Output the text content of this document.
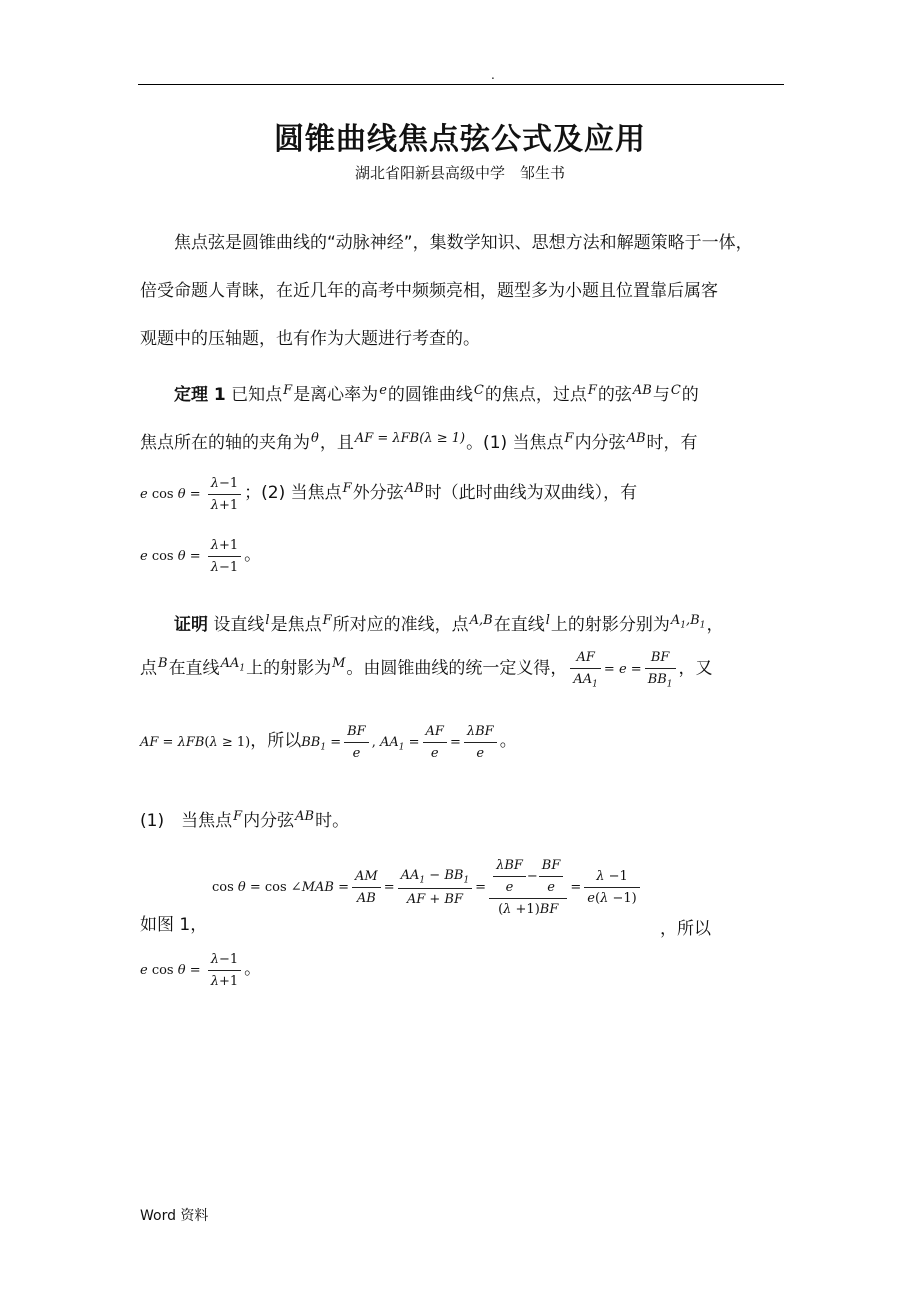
.
圆锥曲线焦点弦公式及应用
湖北省阳新县高级中学　邹生书
焦点弦是圆锥曲线的“动脉神经”，集数学知识、思想方法和解题策略于一体，
倍受命题人青睐，在近几年的高考中频频亮相，题型多为小题且位置靠后属客
观题中的压轴题，也有作为大题进行考查的。
定理 1 已知点$^F$是离心率为$^e$的圆锥曲线$^C$的焦点，过点$^F$的弦$^{AB}$与$^C$的
焦点所在的轴的夹角为$^\theta$，且$^{AF = \lambda FB(\lambda \ge 1)}$。(1) 当焦点$^F$内分弦$^{AB}$时，有
e $\cos \theta = \frac{\lambda-1}{\lambda+1}$ ；(2) 当焦点$^F$外分弦$^{AB}$时（此时曲线为双曲线），有
e $\cos \theta = \frac{\lambda+1}{\lambda-1}$ 。
证明 设直线$^l$是焦点$^F$所对应的准线，点$^{A,B}$在直线$^l$上的射影分别为$^{A_1,B_1}$，
点$^B$在直线$^{AA_1}$上的射影为$^M$。由圆锥曲线的统一定义得， $\frac{AF}{AA_1} = e = \frac{BF}{BB_1}$ ，又
AF = λFB(λ ≥ 1)，所以$BB_1 = \frac{BF}{e}$ , $AA_1 = \frac{AF}{e} = \frac{\text{λBF}}{e}$ 。
(1)　当焦点$^F$内分弦$^{AB}$时。
如图 1，
cos θ = cos ∠MAB = $\frac{AM}{AB} = \frac{AA_1 - BB_1}{AF + BF} = \frac{\frac{\text{λBF}}{e} - \frac{BF}{e}}{(\lambda +1)BF} = \frac{\lambda -1}{e(\lambda -1)}$
，所以
e $\cos \theta = \frac{\lambda-1}{\lambda+1}$ 。
Word 资料
